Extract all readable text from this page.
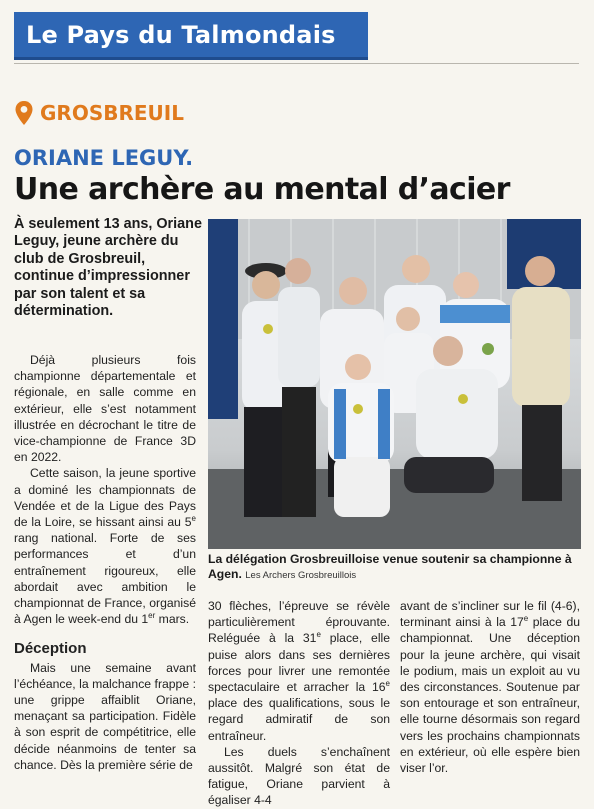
Le Pays du Talmondais
GROSBREUIL
ORIANE LEGUY.
Une archère au mental d’acier
À seulement 13 ans, Oriane Leguy, jeune archère du club de Grosbreuil, continue d’impressionner par son talent et sa détermination.

Déjà plusieurs fois championne départementale et régionale, en salle comme en extérieur, elle s’est notamment illustrée en décrochant le titre de vice-championne de France 3D en 2022.

Cette saison, la jeune sportive a dominé les championnats de Vendée et de la Ligue des Pays de la Loire, se hissant ainsi au 5e rang national. Forte de ses performances et d’un entraînement rigoureux, elle abordait avec ambition le championnat de France, organisé à Agen le week-end du 1er mars.

Déception

Mais une semaine avant l’échéance, la malchance frappe : une grippe affaiblit Oriane, menaçant sa participation. Fidèle à son esprit de compétitrice, elle décide néanmoins de tenter sa chance. Dès la première série de

La délégation Grosbreuilloise venue soutenir sa championne à Agen. Les Archers Grosbreuillois

30 flèches, l’épreuve se révèle particulièrement éprouvante. Reléguée à la 31e place, elle puise alors dans ses dernières forces pour livrer une remontée spectaculaire et arracher la 16e place des qualifications, sous le regard admiratif de son entraîneur.

Les duels s’enchaînent aussitôt. Malgré son état de fatigue, Oriane parvient à égaliser 4-4

avant de s’incliner sur le fil (4-6), terminant ainsi à la 17e place du championnat. Une déception pour la jeune archère, qui visait le podium, mais un exploit au vu des circonstances. Soutenue par son entourage et son entraîneur, elle tourne désormais son regard vers les prochains championnats en extérieur, où elle espère bien viser l’or.
